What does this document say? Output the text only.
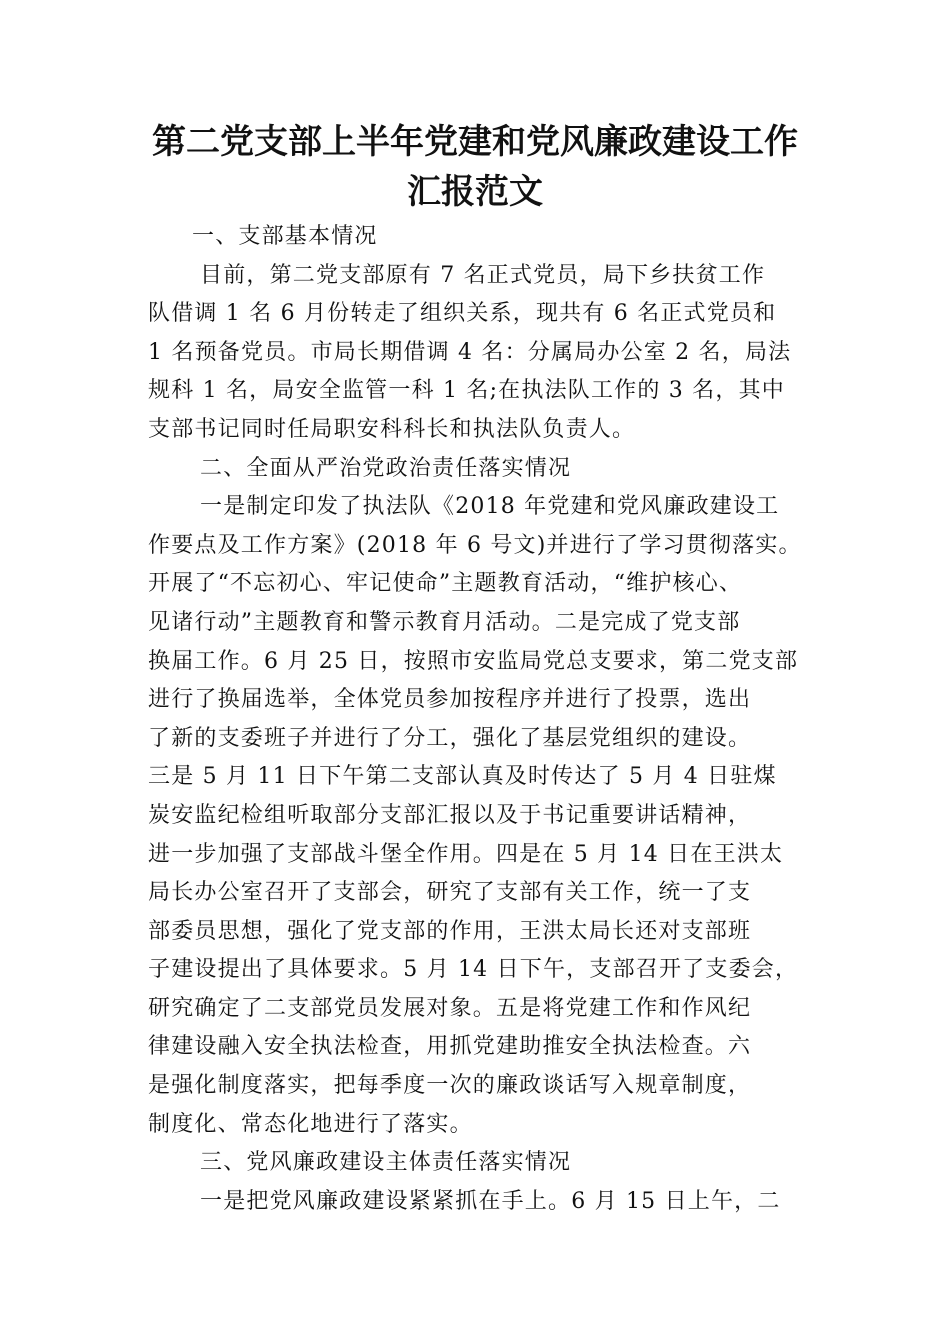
第二党支部上半年党建和党风廉政建设工作
汇报范文
一、支部基本情况
目前，第二党支部原有 7 名正式党员，局下乡扶贫工作
队借调 1 名 6 月份转走了组织关系，现共有 6 名正式党员和
1 名预备党员。市局长期借调 4 名：分属局办公室 2 名，局法
规科 1 名，局安全监管一科 1 名;在执法队工作的 3 名，其中
支部书记同时任局职安科科长和执法队负责人。
二、全面从严治党政治责任落实情况
一是制定印发了执法队《2018 年党建和党风廉政建设工
作要点及工作方案》(2018 年 6 号文)并进行了学习贯彻落实。
开展了“不忘初心、牢记使命”主题教育活动，“维护核心、
见诸行动”主题教育和警示教育月活动。二是完成了党支部
换届工作。6 月 25 日，按照市安监局党总支要求，第二党支部
进行了换届选举，全体党员参加按程序并进行了投票，选出
了新的支委班子并进行了分工，强化了基层党组织的建设。
三是 5 月 11 日下午第二支部认真及时传达了 5 月 4 日驻煤
炭安监纪检组听取部分支部汇报以及于书记重要讲话精神，
进一步加强了支部战斗堡全作用。四是在 5 月 14 日在王洪太
局长办公室召开了支部会，研究了支部有关工作，统一了支
部委员思想，强化了党支部的作用，王洪太局长还对支部班
子建设提出了具体要求。5 月 14 日下午，支部召开了支委会，
研究确定了二支部党员发展对象。五是将党建工作和作风纪
律建设融入安全执法检查，用抓党建助推安全执法检查。六
是强化制度落实，把每季度一次的廉政谈话写入规章制度，
制度化、常态化地进行了落实。
三、党风廉政建设主体责任落实情况
一是把党风廉政建设紧紧抓在手上。6 月 15 日上午，二
